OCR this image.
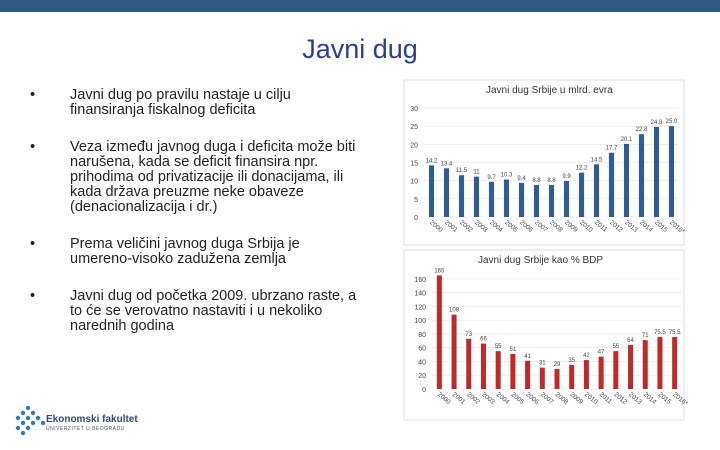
Javni dug
• Javni dug po pravilu nastaje u cilju finansiranja fiskalnog deficita
• Veza između javnog duga i deficita može biti narušena, kada se deficit finansira npr. prihodima od privatizacije ili donacijama, ili kada država preuzme neke obaveze (denacionalizacija i dr.)
• Prema veličini javnog duga Srbija je umereno-visoko zadužena zemlja
• Javni dug od početka 2009. ubrzano raste, a to će se verovatno nastaviti i u nekoliko narednih godina
Javni dug Srbije u mlrd. evra
0
5
10
15
20
25
30
14.2
2000
13.4
2001
11.5
2002
11
2003
9.7
2004
10.3
2005
9.4
2006
8.8
2007
8.8
2008
9.9
2009
12.2
2010
14.5
2011
17.7
2012
20.1
2013
22.8
2014
24.8
2015
25.0
2016*
Javni dug Srbije kao % BDP
0
20
40
60
80
100
120
140
160
165
2000
108
2001
73
2002
66
2003
55
2004
51
2005
41
2006
31
2007
29
2008
35
2009
42
2010
47
2011
55
2012
64
2013
71
2014
75.5
2015
75.5
2016*
Ekonomski fakultet
UNIVERZITET U BEOGRADU
